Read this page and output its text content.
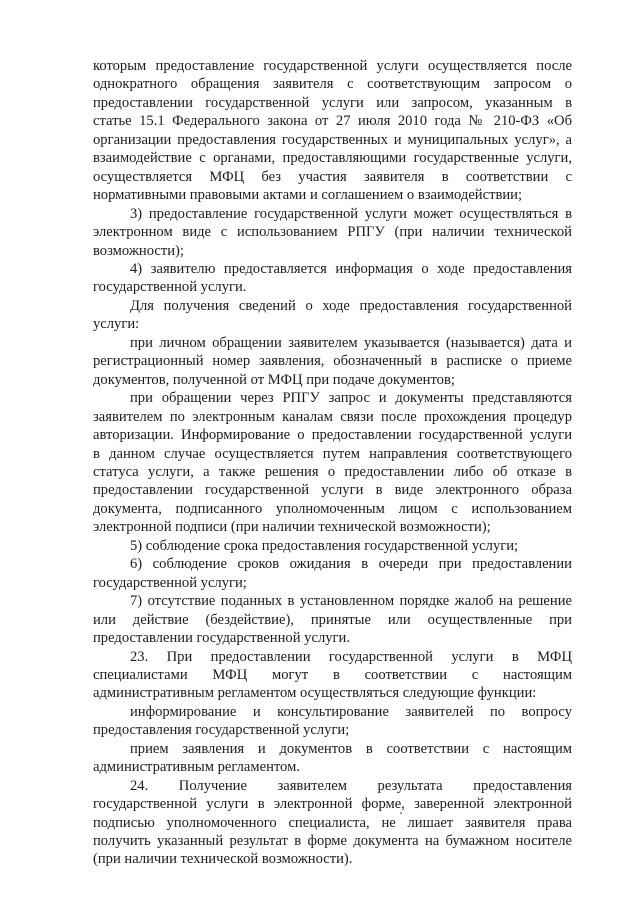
которым предоставление государственной услуги осуществляется после
однократного обращения заявителя с соответствующим запросом о
предоставлении государственной услуги или запросом, указанным в
статье 15.1 Федерального закона от 27 июля 2010 года № 210-ФЗ «Об
организации предоставления государственных и муниципальных услуг», а
взаимодействие с органами, предоставляющими государственные услуги,
осуществляется МФЦ без участия заявителя в соответствии с
нормативными правовыми актами и соглашением о взаимодействии;
3) предоставление государственной услуги может осуществляться в
электронном виде с использованием РПГУ (при наличии технической
возможности);
4) заявителю предоставляется информация о ходе предоставления
государственной услуги.
Для получения сведений о ходе предоставления государственной
услуги:
при личном обращении заявителем указывается (называется) дата и
регистрационный номер заявления, обозначенный в расписке о приеме
документов, полученной от МФЦ при подаче документов;
при обращении через РПГУ запрос и документы представляются
заявителем по электронным каналам связи после прохождения процедур
авторизации. Информирование о предоставлении государственной услуги
в данном случае осуществляется путем направления соответствующего
статуса услуги, а также решения о предоставлении либо об отказе в
предоставлении государственной услуги в виде электронного образа
документа, подписанного уполномоченным лицом с использованием
электронной подписи (при наличии технической возможности);
5) соблюдение срока предоставления государственной услуги;
6) соблюдение сроков ожидания в очереди при предоставлении
государственной услуги;
7) отсутствие поданных в установленном порядке жалоб на решение
или действие (бездействие), принятые или осуществленные при
предоставлении государственной услуги.
23. При предоставлении государственной услуги в МФЦ
специалистами МФЦ могут в соответствии с настоящим
административным регламентом осуществляться следующие функции:
информирование и консультирование заявителей по вопросу
предоставления государственной услуги;
прием заявления и документов в соответствии с настоящим
административным регламентом.
24. Получение заявителем результата предоставления
государственной услуги в электронной форме, заверенной электронной
подписью уполномоченного специалиста, не лишает заявителя права
получить указанный результат в форме документа на бумажном носителе
(при наличии технической возможности).
